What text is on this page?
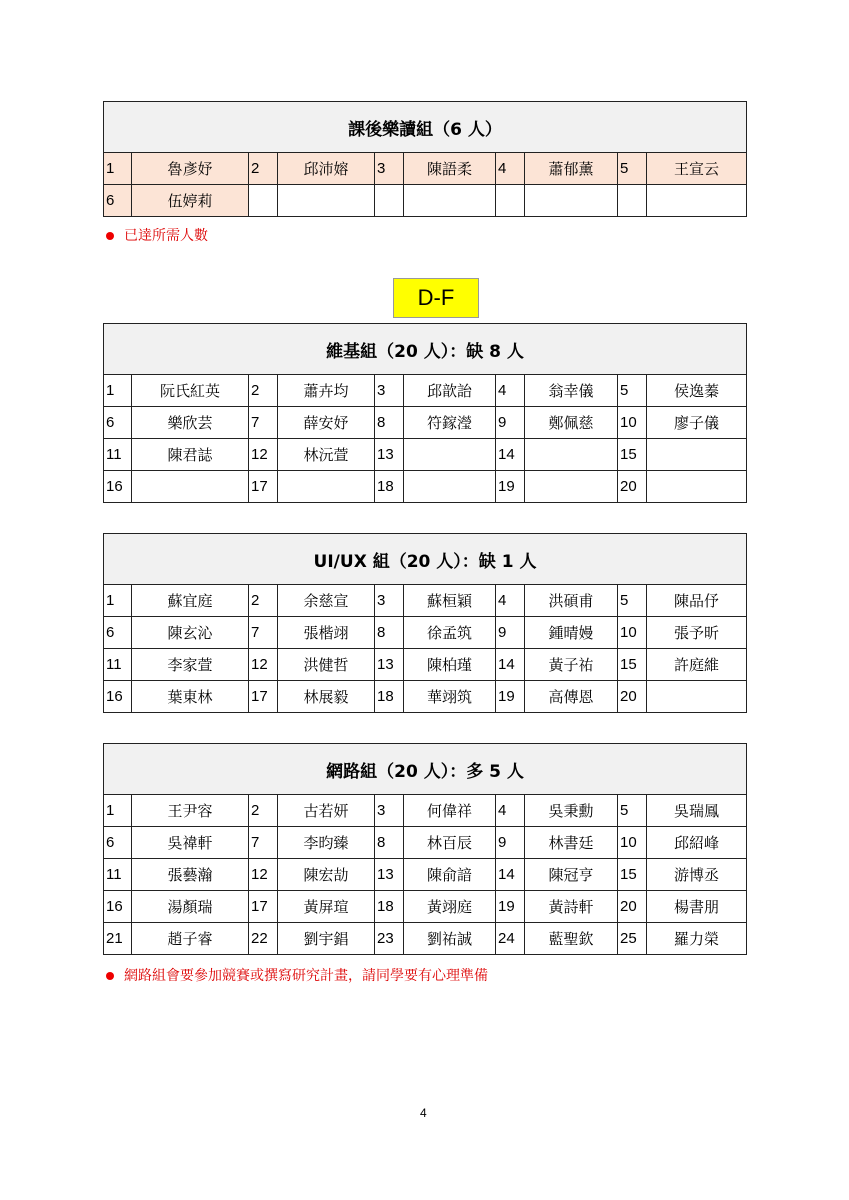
課後樂讀組（6 人）									
1	魯彥妤	2	邱沛嫆	3	陳語柔	4	蕭郁薰	5	王宣云
6	伍婷莉								
已達所需人數
D-F
維基組（20 人）：缺 8 人									
1	阮氏紅英	2	蕭卉均	3	邱歆詒	4	翁幸儀	5	侯逸蓁
6	樂欣芸	7	薛安妤	8	符鎵瀅	9	鄭佩慈	10	廖子儀
11	陳君誌	12	林沅萱	13		14		15	
16		17		18		19		20	
UI/UX 組（20 人）：缺 1 人									
1	蘇宜庭	2	余慈宣	3	蘇桓穎	4	洪碩甫	5	陳品伃
6	陳玄沁	7	張楷翊	8	徐孟筑	9	鍾晴嫚	10	張予昕
11	李家萱	12	洪健哲	13	陳柏瑾	14	黃子祐	15	許庭維
16	葉東林	17	林展毅	18	華翊筑	19	高傳恩	20	
網路組（20 人）：多 5 人									
1	王尹容	2	古若妍	3	何偉祥	4	吳秉勳	5	吳瑞鳳
6	吳禕軒	7	李昀臻	8	林百辰	9	林書廷	10	邱紹峰
11	張藝瀚	12	陳宏劼	13	陳俞諳	14	陳冠亨	15	游博丞
16	湯顏瑞	17	黃屏瑄	18	黃翊庭	19	黃詩軒	20	楊書朋
21	趙子睿	22	劉宇錩	23	劉祐誠	24	藍聖欽	25	羅力榮
網路組會要參加競賽或撰寫研究計畫，請同學要有心理準備
4
